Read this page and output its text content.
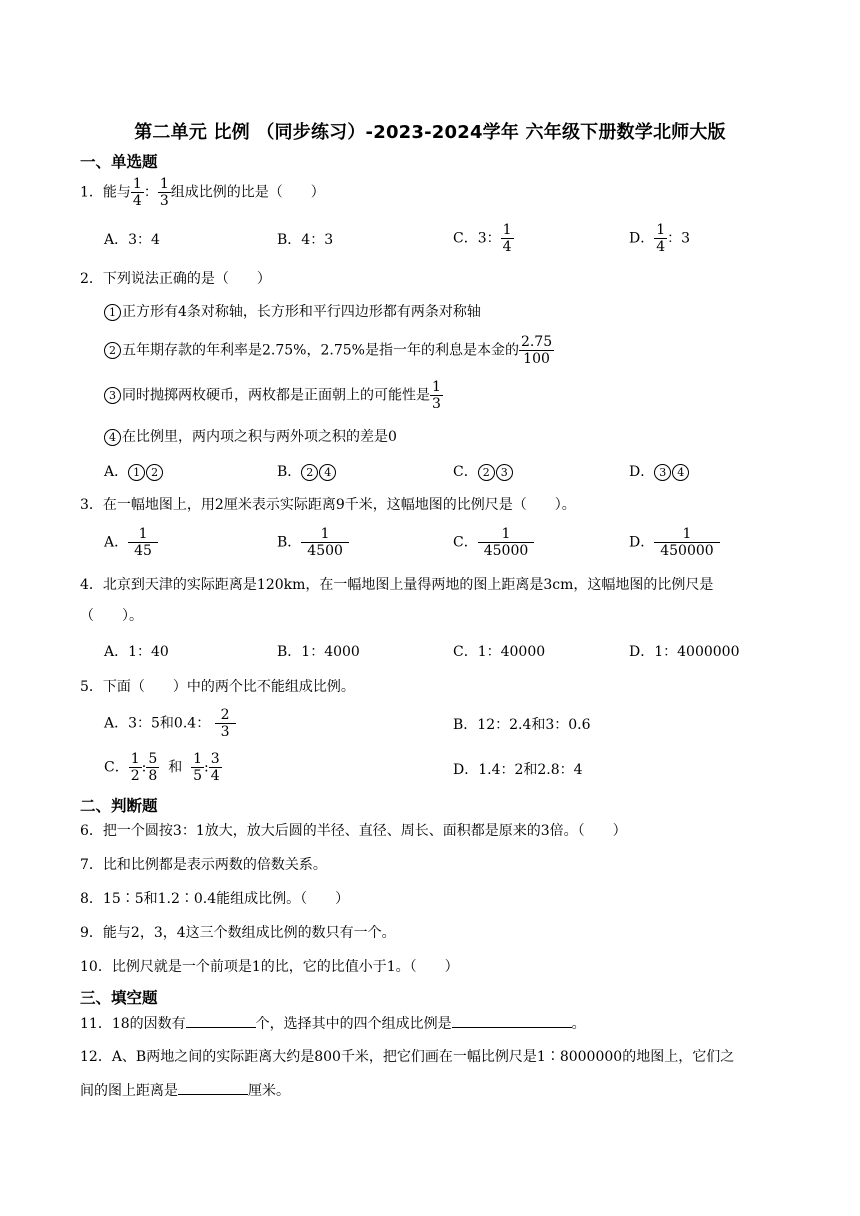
第二单元 比例 （同步练习）-2023-2024学年 六年级下册数学北师大版
一、单选题
1．能与 $\frac{1}{4}$ ： $\frac{1}{3}$ 组成比例的比是（　　）
A．3：4	B．4：3	C．3： $\frac{1}{4}$	D． $\frac{1}{4}$ ：3
2．下列说法正确的是（　　）
1 正方形有4条对称轴，长方形和平行四边形都有两条对称轴
2 五年期存款的年利率是2.75%，2.75%是指一年的利息是本金的 $\frac{2.75}{100}$
3 同时抛掷两枚硬币，两枚都是正面朝上的可能性是 $\frac{1}{3}$
4 在比例里，两内项之积与两外项之积的差是0
A． 1 2	B． 2 4	C． 2 3	D． 3 4
3．在一幅地图上，用2厘米表示实际距离9千米，这幅地图的比例尺是（　　）。
A． $\frac{1}{45}$	B． $\frac{1}{4500}$	C． $\frac{1}{45000}$	D． $\frac{1}{450000}$
4．北京到天津的实际距离是120km，在一幅地图上量得两地的图上距离是3cm，这幅地图的比例尺是
（　　）。
A．1：40	B．1：4000	C．1：40000	D．1：4000000
5．下面（　　）中的两个比不能组成比例。
A．3：5和0.4： $\frac{2}{3}$	B．12：2.4和3：0.6
C． $\frac{1}{2}$ : $\frac{5}{8}$ 和 $\frac{1}{5}$ : $\frac{3}{4}$	D．1.4：2和2.8：4
二、判断题
6．把一个圆按3：1放大，放大后圆的半径、直径、周长、面积都是原来的3倍。（　　）
7．比和比例都是表示两数的倍数关系。
8．15∶5和1.2∶0.4能组成比例。（　　）
9．能与2，3，4这三个数组成比例的数只有一个。
10．比例尺就是一个前项是1的比，它的比值小于1。（　　）
三、填空题
11．18的因数有	个，选择其中的四个组成比例是	。
12．A、B两地之间的实际距离大约是800千米，把它们画在一幅比例尺是1∶8000000的地图上，它们之
间的图上距离是	厘米。
